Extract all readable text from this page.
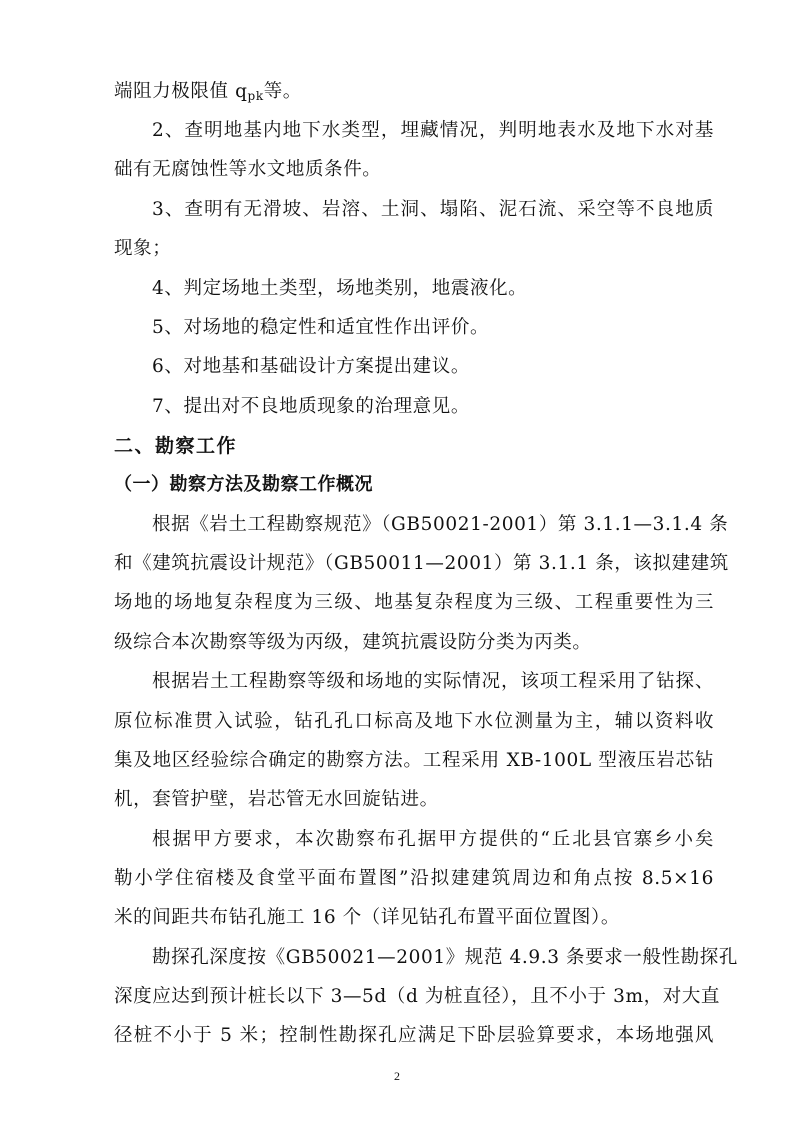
端阻力极限值 $q_{pk}$等。
2、查明地基内地下水类型，埋藏情况，判明地表水及地下水对基
础有无腐蚀性等水文地质条件。
3、查明有无滑坡、岩溶、土洞、塌陷、泥石流、采空等不良地质
现象；
4、判定场地土类型，场地类别，地震液化。
5、对场地的稳定性和适宜性作出评价。
6、对地基和基础设计方案提出建议。
7、提出对不良地质现象的治理意见。
二、勘察工作
（一）勘察方法及勘察工作概况
根据《岩土工程勘察规范》（GB50021-2001）第 3.1.1—3.1.4 条
和《建筑抗震设计规范》（GB50011—2001）第 3.1.1 条，该拟建建筑
场地的场地复杂程度为三级、地基复杂程度为三级、工程重要性为三
级综合本次勘察等级为丙级，建筑抗震设防分类为丙类。
根据岩土工程勘察等级和场地的实际情况，该项工程采用了钻探、
原位标准贯入试验，钻孔孔口标高及地下水位测量为主，辅以资料收
集及地区经验综合确定的勘察方法。工程采用 XB-100L 型液压岩芯钻
机，套管护壁，岩芯管无水回旋钻进。
根据甲方要求，本次勘察布孔据甲方提供的“丘北县官寨乡小矣
勒小学住宿楼及食堂平面布置图”沿拟建建筑周边和角点按 8.5×16
米的间距共布钻孔施工 16 个（详见钻孔布置平面位置图）。
勘探孔深度按《GB50021—2001》规范 4.9.3 条要求一般性勘探孔
深度应达到预计桩长以下 3—5d（d 为桩直径），且不小于 3m，对大直
径桩不小于 5 米；控制性勘探孔应满足下卧层验算要求，本场地强风
2
